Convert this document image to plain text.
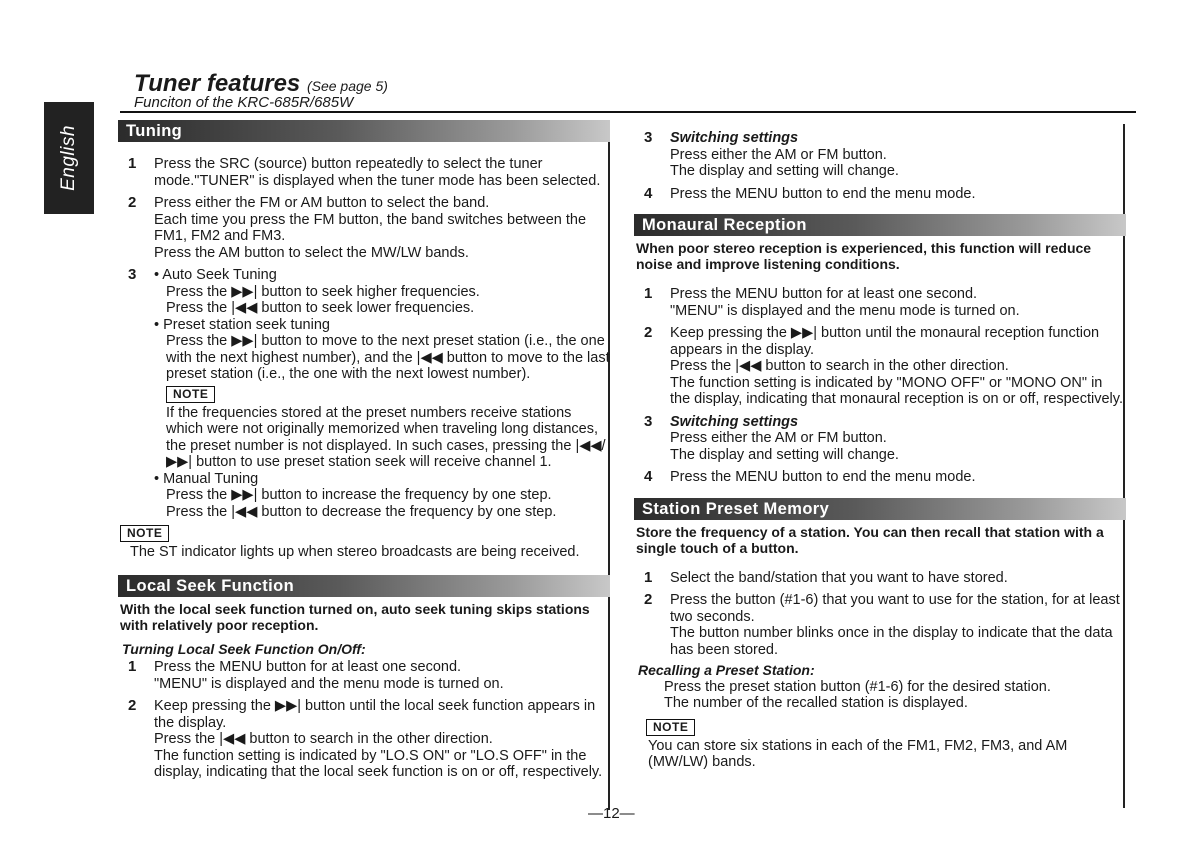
English
Tuner features (See page 5)
Funciton of the KRC-685R/685W
Tuning
1	Press the SRC (source) button repeatedly to select the tuner mode."TUNER" is displayed when the tuner mode has been selected.
2	Press either the FM or AM button to select the band.
Each time you press the FM button, the band switches between the FM1, FM2 and FM3.
Press the AM button to select the MW/LW bands.
3	• Auto Seek Tuning
Press the ▶▶| button to seek higher frequencies.
Press the |◀◀ button to seek lower frequencies.
• Preset station seek tuning
Press the ▶▶| button to move to the next preset station (i.e., the one with the next highest number), and the |◀◀ button to move to the last preset station (i.e., the one with the next lowest number).
NOTE
If the frequencies stored at the preset numbers receive stations which were not originally memorized when traveling long distances, the preset number is not displayed. In such cases, pressing the |◀◀/▶▶| button to use preset station seek will receive channel 1.
• Manual Tuning
Press the ▶▶| button to increase the frequency by one step.
Press the |◀◀ button to decrease the frequency by one step.
NOTE
The ST indicator lights up when stereo broadcasts are being received.
Local Seek Function
With the local seek function turned on, auto seek tuning skips stations with relatively poor reception.
Turning Local Seek Function On/Off:
1	Press the MENU button for at least one second.
"MENU" is displayed and the menu mode is turned on.
2	Keep pressing the ▶▶| button until the local seek function appears in the display.
Press the |◀◀ button to search in the other direction.
The function setting is indicated by "LO.S ON" or "LO.S OFF" in the display, indicating that the local seek function is on or off, respectively.
3	Switching settings
Press either the AM or FM button.
The display and setting will change.
4	Press the MENU button to end the menu mode.
Monaural Reception
When poor stereo reception is experienced, this function will reduce noise and improve listening conditions.
1	Press the MENU button for at least one second.
"MENU" is displayed and the menu mode is turned on.
2	Keep pressing the ▶▶| button until the monaural reception function appears in the display.
Press the |◀◀ button to search in the other direction.
The function setting is indicated by "MONO OFF" or "MONO ON" in the display, indicating that monaural reception is on or off, respectively.
3	Switching settings
Press either the AM or FM button.
The display and setting will change.
4	Press the MENU button to end the menu mode.
Station Preset Memory
Store the frequency of a station. You can then recall that station with a single touch of a button.
1	Select the band/station that you want to have stored.
2	Press the button (#1-6) that you want to use for the station, for at least two seconds.
The button number blinks once in the display to indicate that the data has been stored.
Recalling a Preset Station:
Press the preset station button (#1-6) for the desired station.
The number of the recalled station is displayed.
NOTE
You can store six stations in each of the FM1, FM2, FM3, and AM (MW/LW) bands.
—12—
